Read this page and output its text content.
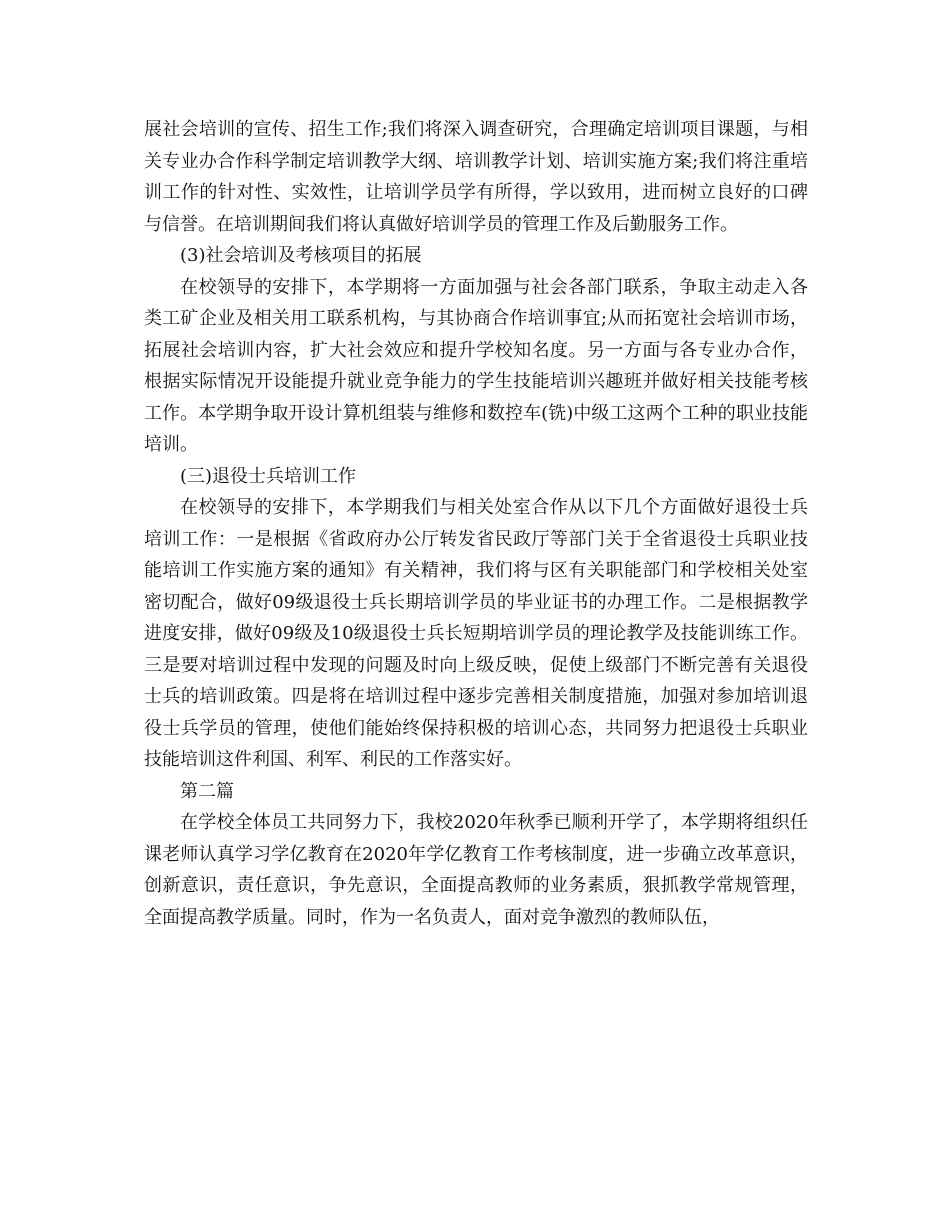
展社会培训的宣传、招生工作;我们将深入调查研究，合理确定培训项目课题，与相关专业办合作科学制定培训教学大纲、培训教学计划、培训实施方案;我们将注重培训工作的针对性、实效性，让培训学员学有所得，学以致用，进而树立良好的口碑与信誉。在培训期间我们将认真做好培训学员的管理工作及后勤服务工作。

(3)社会培训及考核项目的拓展

在校领导的安排下，本学期将一方面加强与社会各部门联系，争取主动走入各类工矿企业及相关用工联系机构，与其协商合作培训事宜;从而拓宽社会培训市场，拓展社会培训内容，扩大社会效应和提升学校知名度。另一方面与各专业办合作，根据实际情况开设能提升就业竞争能力的学生技能培训兴趣班并做好相关技能考核工作。本学期争取开设计算机组装与维修和数控车(铣)中级工这两个工种的职业技能培训。

(三)退役士兵培训工作

在校领导的安排下，本学期我们与相关处室合作从以下几个方面做好退役士兵培训工作：一是根据《省政府办公厅转发省民政厅等部门关于全省退役士兵职业技能培训工作实施方案的通知》有关精神，我们将与区有关职能部门和学校相关处室密切配合，做好09级退役士兵长期培训学员的毕业证书的办理工作。二是根据教学进度安排，做好09级及10级退役士兵长短期培训学员的理论教学及技能训练工作。三是要对培训过程中发现的问题及时向上级反映，促使上级部门不断完善有关退役士兵的培训政策。四是将在培训过程中逐步完善相关制度措施，加强对参加培训退役士兵学员的管理，使他们能始终保持积极的培训心态，共同努力把退役士兵职业技能培训这件利国、利军、利民的工作落实好。

第二篇

在学校全体员工共同努力下，我校2020年秋季已顺利开学了，本学期将组织任课老师认真学习学亿教育在2020年学亿教育工作考核制度，进一步确立改革意识，创新意识，责任意识，争先意识，全面提高教师的业务素质，狠抓教学常规管理，全面提高教学质量。同时，作为一名负责人，面对竞争激烈的教师队伍，
